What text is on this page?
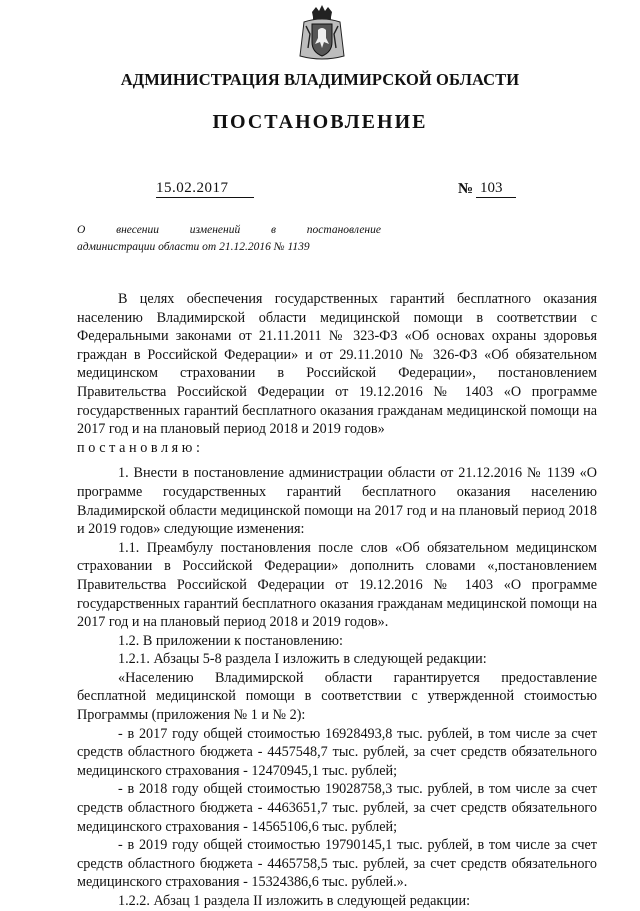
АДМИНИСТРАЦИЯ ВЛАДИМИРСКОЙ ОБЛАСТИ
ПОСТАНОВЛЕНИЕ
15.02.2017	№ 103
О	внесении	изменений	в	постановление
администрации области от 21.12.2016 № 1139

В целях обеспечения государственных гарантий бесплатного оказания населению Владимирской области медицинской помощи в соответствии с Федеральными законами от 21.11.2011 № 323-ФЗ «Об основах охраны здоровья граждан в Российской Федерации» и от 29.11.2010 № 326-ФЗ «Об обязательном медицинском страховании в Российской Федерации», постановлением Правительства Российской Федерации от 19.12.2016 № 1403 «О программе государственных гарантий бесплатного оказания гражданам медицинской помощи на 2017 год и на плановый период 2018 и 2019 годов»

постановляю:

1. Внести в постановление администрации области от 21.12.2016 № 1139 «О программе государственных гарантий бесплатного оказания населению Владимирской области медицинской помощи на 2017 год и на плановый период 2018 и 2019 годов» следующие изменения:

1.1. Преамбулу постановления после слов «Об обязательном медицинском страховании в Российской Федерации» дополнить словами «,постановлением Правительства Российской Федерации от 19.12.2016 № 1403 «О программе государственных гарантий бесплатного оказания гражданам медицинской помощи на 2017 год и на плановый период 2018 и 2019 годов».

1.2. В приложении к постановлению:

1.2.1. Абзацы 5-8 раздела I изложить в следующей редакции:

«Населению Владимирской области гарантируется предоставление бесплатной медицинской помощи в соответствии с утвержденной стоимостью Программы (приложения № 1 и № 2):

- в 2017 году общей стоимостью 16928493,8 тыс. рублей, в том числе за счет средств областного бюджета - 4457548,7 тыс. рублей, за счет средств обязательного медицинского страхования - 12470945,1 тыс. рублей;

- в 2018 году общей стоимостью 19028758,3 тыс. рублей, в том числе за счет средств областного бюджета - 4463651,7 тыс. рублей, за счет средств обязательного медицинского страхования - 14565106,6 тыс. рублей;

- в 2019 году общей стоимостью 19790145,1 тыс. рублей, в том числе за счет средств областного бюджета - 4465758,5 тыс. рублей, за счет средств обязательного медицинского страхования - 15324386,6 тыс. рублей.».

1.2.2. Абзац 1 раздела II изложить в следующей редакции:
